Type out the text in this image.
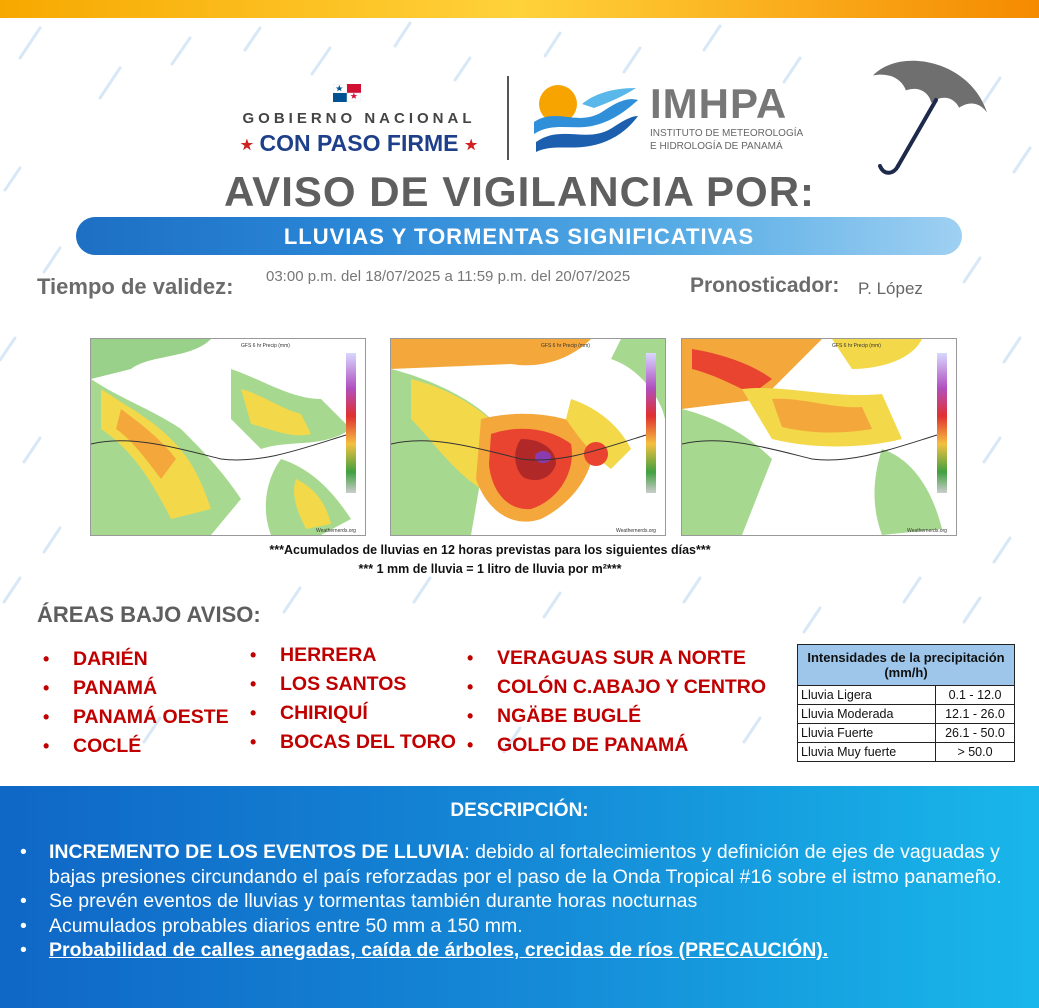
GOBIERNO NACIONAL
★ CON PASO FIRME ★
IMHPA
INSTITUTO DE METEOROLOGÍA
E HIDROLOGÍA DE PANAMÁ
AVISO DE VIGILANCIA POR:
LLUVIAS Y TORMENTAS SIGNIFICATIVAS
Tiempo de validez: 03:00 p.m. del 18/07/2025 a 11:59 p.m. del 20/07/2025	Pronosticador: P. López
GFS 6 hr Precip (mm)
Weathernerds.org
GFS 6 hr Precip (mm)
Weathernerds.org
GFS 6 hr Precip (mm)
Weathernerds.org
***Acumulados de lluvias en 12 horas previstas para los siguientes días***
*** 1 mm de lluvia = 1 litro de lluvia por m²***
ÁREAS BAJO AVISO:
• DARIÉN
• PANAMÁ
• PANAMÁ OESTE
• COCLÉ
• HERRERA
• LOS SANTOS
• CHIRIQUÍ
• BOCAS DEL TORO
• VERAGUAS SUR A NORTE
• COLÓN C.ABAJO Y CENTRO
• NGÄBE BUGLÉ
• GOLFO DE PANAMÁ
Intensidades de la precipitación (mm/h)	
Lluvia Ligera	0.1 - 12.0
Lluvia Moderada	12.1 - 26.0
Lluvia Fuerte	26.1 - 50.0
Lluvia Muy fuerte	> 50.0
DESCRIPCIÓN:
• INCREMENTO DE LOS EVENTOS DE LLUVIA: debido al fortalecimientos y definición de ejes de vaguadas y bajas presiones circundando el país reforzadas por el paso de la Onda Tropical #16 sobre el istmo panameño.
• Se prevén eventos de lluvias y tormentas también durante horas nocturnas
• Acumulados probables diarios entre 50 mm a 150 mm.
• Probabilidad de calles anegadas, caída de árboles, crecidas de ríos (PRECAUCIÓN).
